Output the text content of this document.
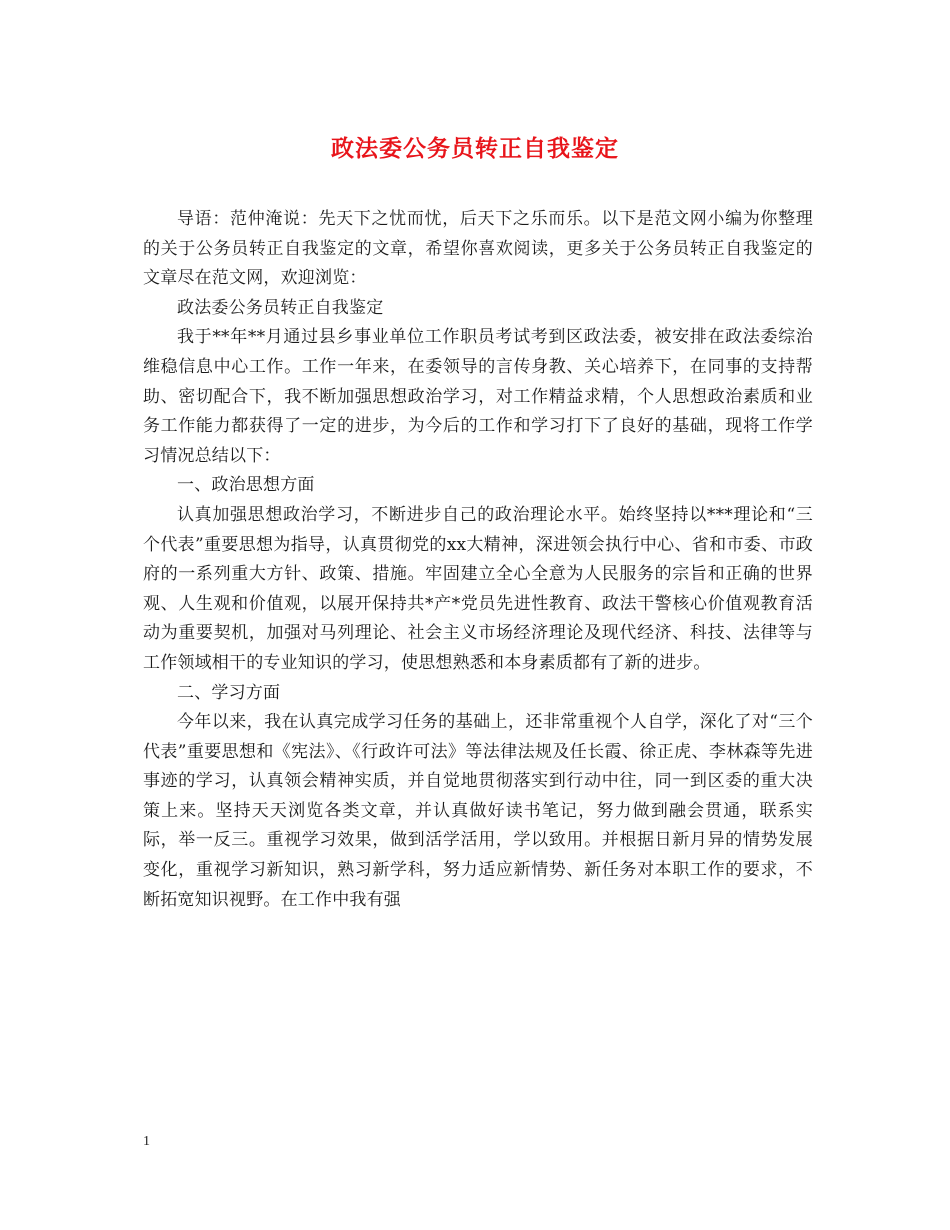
政法委公务员转正自我鉴定

导语：范仲淹说：先天下之忧而忧，后天下之乐而乐。以下是范文网小编为你整理的关于公务员转正自我鉴定的文章，希望你喜欢阅读，更多关于公务员转正自我鉴定的文章尽在范文网，欢迎浏览：

政法委公务员转正自我鉴定

我于**年**月通过县乡事业单位工作职员考试考到区政法委，被安排在政法委综治维稳信息中心工作。工作一年来，在委领导的言传身教、关心培养下，在同事的支持帮助、密切配合下，我不断加强思想政治学习，对工作精益求精，个人思想政治素质和业务工作能力都获得了一定的进步，为今后的工作和学习打下了良好的基础，现将工作学习情况总结以下：

一、政治思想方面

认真加强思想政治学习，不断进步自己的政治理论水平。始终坚持以***理论和“三个代表”重要思想为指导，认真贯彻党的xx大精神，深进领会执行中心、省和市委、市政府的一系列重大方针、政策、措施。牢固建立全心全意为人民服务的宗旨和正确的世界观、人生观和价值观，以展开保持共*产*党员先进性教育、政法干警核心价值观教育活动为重要契机，加强对马列理论、社会主义市场经济理论及现代经济、科技、法律等与工作领域相干的专业知识的学习，使思想熟悉和本身素质都有了新的进步。

二、学习方面

今年以来，我在认真完成学习任务的基础上，还非常重视个人自学，深化了对“三个代表”重要思想和《宪法》、《行政许可法》等法律法规及任长霞、徐正虎、李林森等先进事迹的学习，认真领会精神实质，并自觉地贯彻落实到行动中往，同一到区委的重大决策上来。坚持天天浏览各类文章，并认真做好读书笔记，努力做到融会贯通，联系实际，举一反三。重视学习效果，做到活学活用，学以致用。并根据日新月异的情势发展变化，重视学习新知识，熟习新学科，努力适应新情势、新任务对本职工作的要求，不断拓宽知识视野。在工作中我有强

1
